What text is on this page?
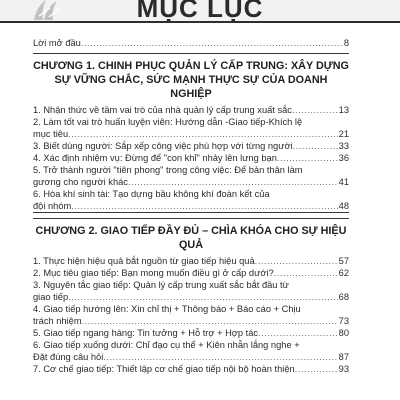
MỤC LỤC
Lời mở đầu .....	8
CHƯƠNG 1. CHINH PHỤC QUẢN LÝ CẤP TRUNG: XÂY DỰNG SỰ VỮNG CHẮC, SỨC MẠNH THỰC SỰ CỦA DOANH NGHIỆP
1. Nhận thức về tầm vai trò của nhà quản lý cấp trung xuất sắc .....	13
2. Làm tốt vai trò huấn luyện viên: Hướng dẫn -Giao tiếp-Khích lệ
mục tiêu .....	21
3. Biết dùng người: Sắp xếp công việc phù hợp với từng người .....	33
4. Xác định nhiệm vụ: Đừng để "con khỉ" nhảy lên lưng bạn .....	36
5. Trở thành người "tiên phong" trong công việc: Để bản thân làm
gương cho người khác .....	41
6. Hòa khí sinh tài: Tạo dựng bầu không khí đoàn kết của
đội nhóm .....	48
CHƯƠNG 2. GIAO TIẾP ĐẦY ĐỦ – CHÌA KHÓA CHO SỰ HIỆU QUẢ
1. Thực hiện hiệu quả bắt nguồn từ giao tiếp hiệu quả .....	57
2. Mục tiêu giao tiếp: Bạn mong muốn điều gì ở cấp dưới? .....	62
3. Nguyên tắc giao tiếp: Quản lý cấp trung xuất sắc bắt đầu từ
giao tiếp .....	68
4. Giao tiếp hướng lên: Xin chỉ thị + Thông báo + Báo cáo + Chịu
trách nhiệm .....	73
5. Giao tiếp ngang hàng: Tin tưởng + Hỗ trợ + Hợp tác .....	80
6. Giao tiếp xuống dưới: Chỉ đạo cụ thể + Kiên nhẫn lắng nghe +
Đặt đúng câu hỏi .....	87
7. Cơ chế giao tiếp: Thiết lập cơ chế giao tiếp nội bộ hoàn thiện .....	93
